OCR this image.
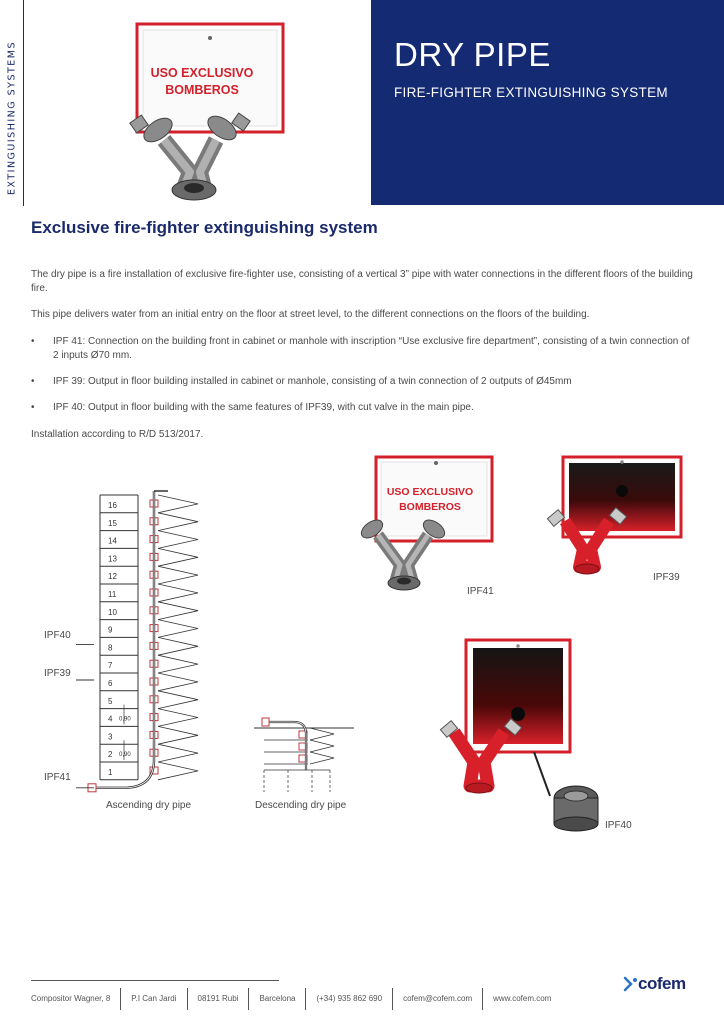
EXTINGUISHING SYSTEMS	USO EXCLUSIVO
BOMBEROS
DRY PIPE
FIRE-FIGHTER EXTINGUISHING SYSTEM
Exclusive fire-fighter extinguishing system
The dry pipe is a fire installation of exclusive fire-fighter use, consisting of a vertical 3” pipe with water connections in the different floors of the building fire.
This pipe delivers water from an initial entry on the floor at street level, to the different connections on the floors of the building.
• IPF 41: Connection on the building front in cabinet or manhole with inscription “Use exclusive fire department”, consisting of a twin connection of 2 inputs Ø70 mm.
• IPF 39: Output in floor building installed in cabinet or manhole, consisting of a twin connection of 2 outputs of Ø45mm
• IPF 40: Output in floor building with the same features of IPF39, with cut valve in the main pipe.
Installation according to R/D 513/2017.
16
15
14
13
12
11
10
9
8
7
6
5
4
3
2
1
0,90
0,90
IPF40
IPF39
IPF41
Ascending dry pipe	Descending dry pipe
USO EXCLUSIVO
BOMBEROS
IPF41
IPF39
IPF40
Compositor Wagner, 8	P.I Can Jardi	08191 Rubi	Barcelona	(+34) 935 862 690	cofem@cofem.com	www.cofem.com
cofem
